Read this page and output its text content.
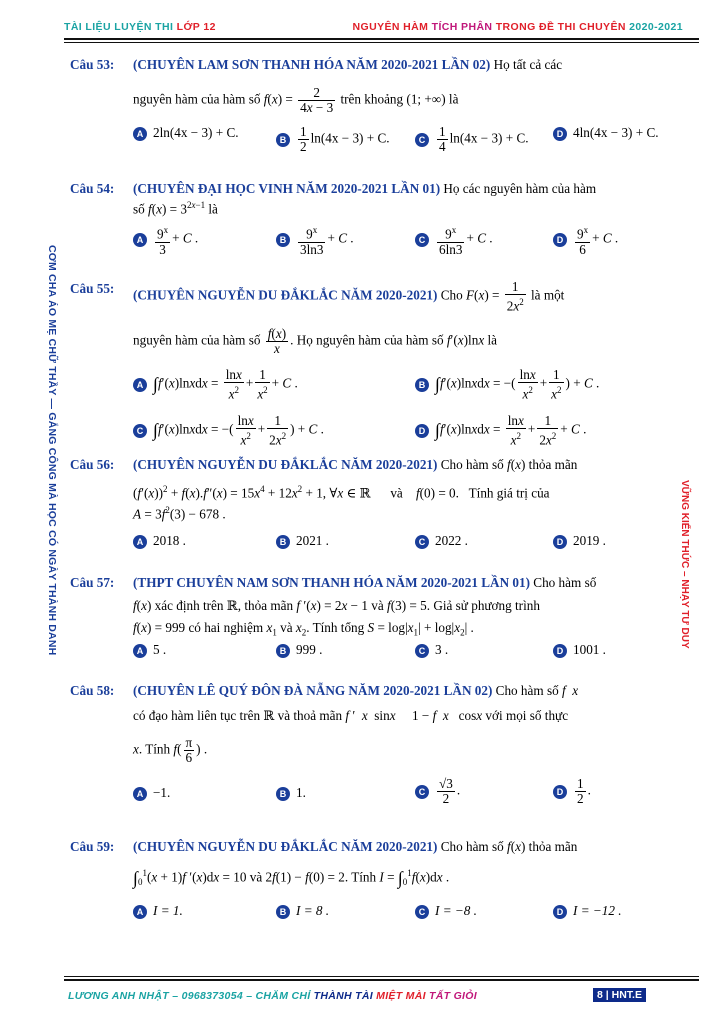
TÀI LIỆU LUYỆN THI LỚP 12	NGUYÊN HÀM TÍCH PHÂN TRONG ĐỀ THI CHUYÊN 2020-2021
CƠM CHA ÁO MẸ CHỮ THẦY — GẮNG CÔNG MÀ HỌC CÓ NGÀY THÀNH DANH	VỮNG KIẾN THỨC – NHẠY TƯ DUY
Câu 53: (CHUYÊN LAM SƠN THANH HÓA NĂM 2020-2021 LẦN 02) Họ tất cả các
nguyên hàm của hàm số $f(x) = \frac{2}{4x - 3}$ trên khoảng (1; +∞) là
A 2ln(4x − 3) + C.	B $\frac{1}{2} \ln(4x - 3) + C$.	C $\frac{1}{4} \ln(4x - 3) + C$.	D 4ln(4x − 3) + C.
Câu 54: (CHUYÊN ĐẠI HỌC VINH NĂM 2020-2021 LẦN 01) Họ các nguyên hàm của hàm
số $f(x) = 3^{2x-1}$ là
A $\frac{9^x}{3} + C$ .	B $\frac{9^x}{3\ln 3} + C$ .	C $\frac{9^x}{6\ln 3} + C$ .	D $\frac{9^x}{6} + C$ .
Câu 55: (CHUYÊN NGUYỄN DU ĐẮKLẮC NĂM 2020-2021) Cho $F(x) = \frac{1}{2x^2}$ là một
nguyên hàm của hàm số $\frac{f(x)}{x}$ . Họ nguyên hàm của hàm số f′(x)lnx là
A ∫f′(x)lnxdx = $\frac{\ln x}{x^2} + \frac{1}{x^2} + C$ .	B ∫f′(x)lnxdx = −( $\frac{\ln x}{x^2} + \frac{1}{x^2}$ ) + C .
C ∫f′(x)lnxdx = −( $\frac{\ln x}{x^2} + \frac{1}{2x^2}$ ) + C .	D ∫f′(x)lnxdx = $\frac{\ln x}{x^2} + \frac{1}{2x^2} + C$ .
Câu 56: (CHUYÊN NGUYỄN DU ĐẮKLẮC NĂM 2020-2021) Cho hàm số f(x) thỏa mãn
$(f'(x))^2 + f(x).f''(x) = 15x^4 + 12x^2 + 1$, ∀x ∈ ℝ      và f(0) = 0.   Tính giá trị của
$A = 3f^2(3) - 678$ .
A 2018 .	B 2021 .	C 2022 .	D 2019 .
Câu 57: (THPT CHUYÊN NAM SƠN THANH HÓA NĂM 2020-2021 LẦN 01) Cho hàm số
f(x) xác định trên ℝ, thỏa mãn f ′(x) = 2x − 1 và f(3) = 5. Giả sử phương trình
f(x) = 999 có hai nghiệm $x_1$ và $x_2$. Tính tổng $S = \log|x_1| + \log|x_2|$ .
A 5 .	B 999 .	C 3 .	D 1001 .
Câu 58: (CHUYÊN LÊ QUÝ ĐÔN ĐÀ NẴNG NĂM 2020-2021 LẦN 02) Cho hàm số f x
có đạo hàm liên tục trên ℝ và thoả mãn f ′  x  sinx     1 − f x   cosx với mọi số thực
x. Tính $f( \frac{\pi}{6}$ ) .
A −1.	B 1.	C $\frac{√3}{2}$ .	D $\frac{1}{2}$ .
Câu 59: (CHUYÊN NGUYỄN DU ĐẮKLẮC NĂM 2020-2021) Cho hàm số f(x) thỏa mãn
$\int_0^1(x + 1)f$ ′(x)dx = 10 và 2f(1) − f(0) = 2. Tính $I = \int_0^1f(x)dx$ .
A I = 1.	B I = 8 .	C I = −8 .	D I = −12 .
LƯƠNG ANH NHẬT – 0968373054 – CHĂM CHỈ THÀNH TÀI MIỆT MÀI TẤT GIỎI	8 | HNT.E
